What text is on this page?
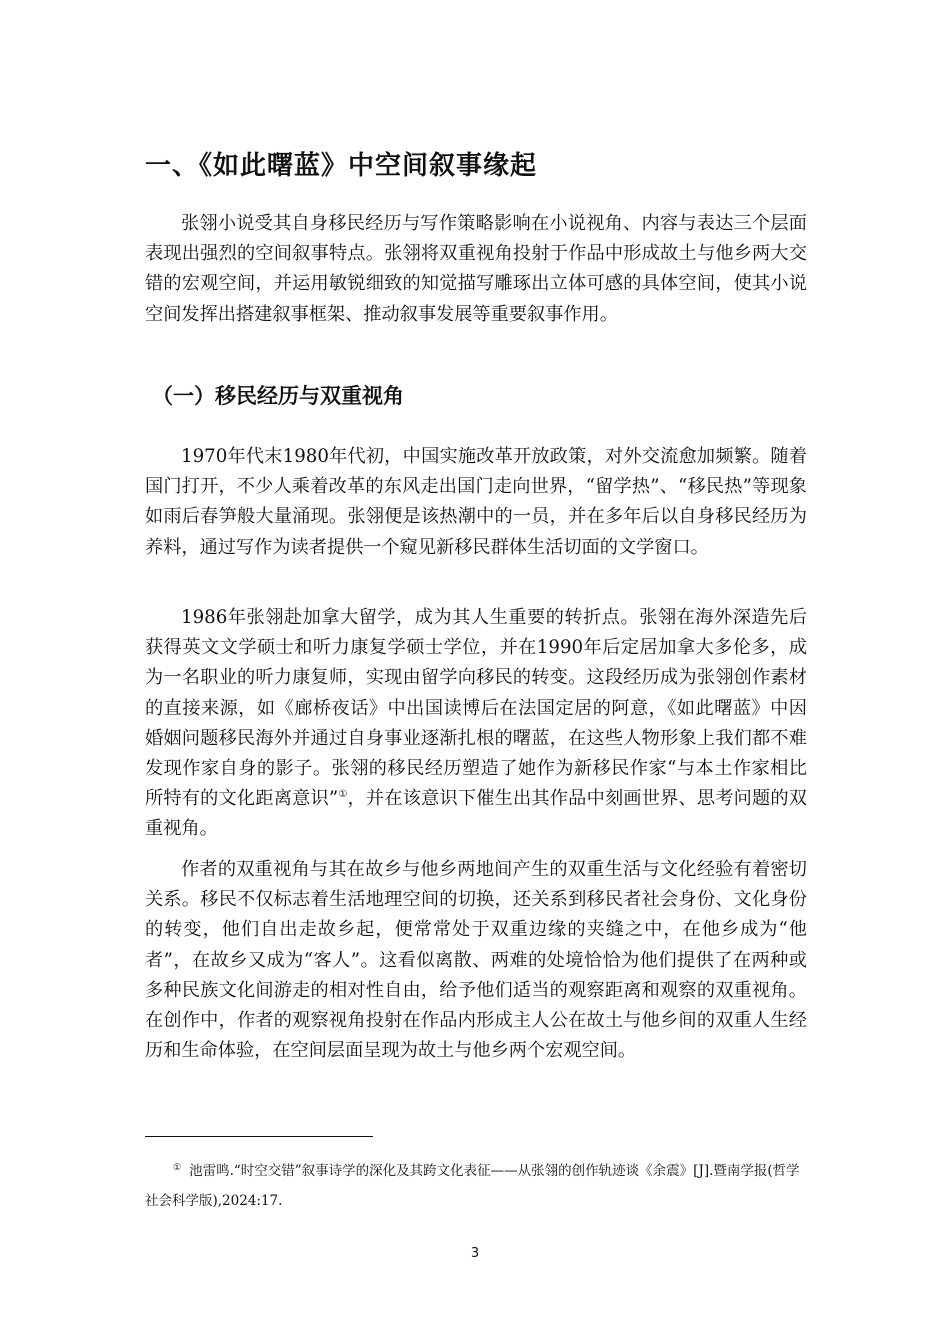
一、《如此曙蓝》中空间叙事缘起

张翎小说受其自身移民经历与写作策略影响在小说视角、内容与表达三个层面表现出强烈的空间叙事特点。张翎将双重视角投射于作品中形成故土与他乡两大交错的宏观空间，并运用敏锐细致的知觉描写雕琢出立体可感的具体空间，使其小说空间发挥出搭建叙事框架、推动叙事发展等重要叙事作用。

（一）移民经历与双重视角

1970年代末1980年代初，中国实施改革开放政策，对外交流愈加频繁。随着国门打开，不少人乘着改革的东风走出国门走向世界，“留学热”、“移民热”等现象如雨后春笋般大量涌现。张翎便是该热潮中的一员，并在多年后以自身移民经历为养料，通过写作为读者提供一个窥见新移民群体生活切面的文学窗口。

1986年张翎赴加拿大留学，成为其人生重要的转折点。张翎在海外深造先后获得英文文学硕士和听力康复学硕士学位，并在1990年后定居加拿大多伦多，成为一名职业的听力康复师，实现由留学向移民的转变。这段经历成为张翎创作素材的直接来源，如《廊桥夜话》中出国读博后在法国定居的阿意，《如此曙蓝》中因婚姻问题移民海外并通过自身事业逐渐扎根的曙蓝，在这些人物形象上我们都不难发现作家自身的影子。张翎的移民经历塑造了她作为新移民作家“与本土作家相比所特有的文化距离意识”①，并在该意识下催生出其作品中刻画世界、思考问题的双重视角。

作者的双重视角与其在故乡与他乡两地间产生的双重生活与文化经验有着密切关系。移民不仅标志着生活地理空间的切换，还关系到移民者社会身份、文化身份的转变，他们自出走故乡起，便常常处于双重边缘的夹缝之中，在他乡成为“他者”，在故乡又成为“客人”。这看似离散、两难的处境恰恰为他们提供了在两种或多种民族文化间游走的相对性自由，给予他们适当的观察距离和观察的双重视角。在创作中，作者的观察视角投射在作品内形成主人公在故土与他乡间的双重人生经历和生命体验，在空间层面呈现为故土与他乡两个宏观空间。

① 池雷鸣.“时空交错”叙事诗学的深化及其跨文化表征——从张翎的创作轨迹谈《余震》[J].暨南学报(哲学社会科学版),2024:17.

3
